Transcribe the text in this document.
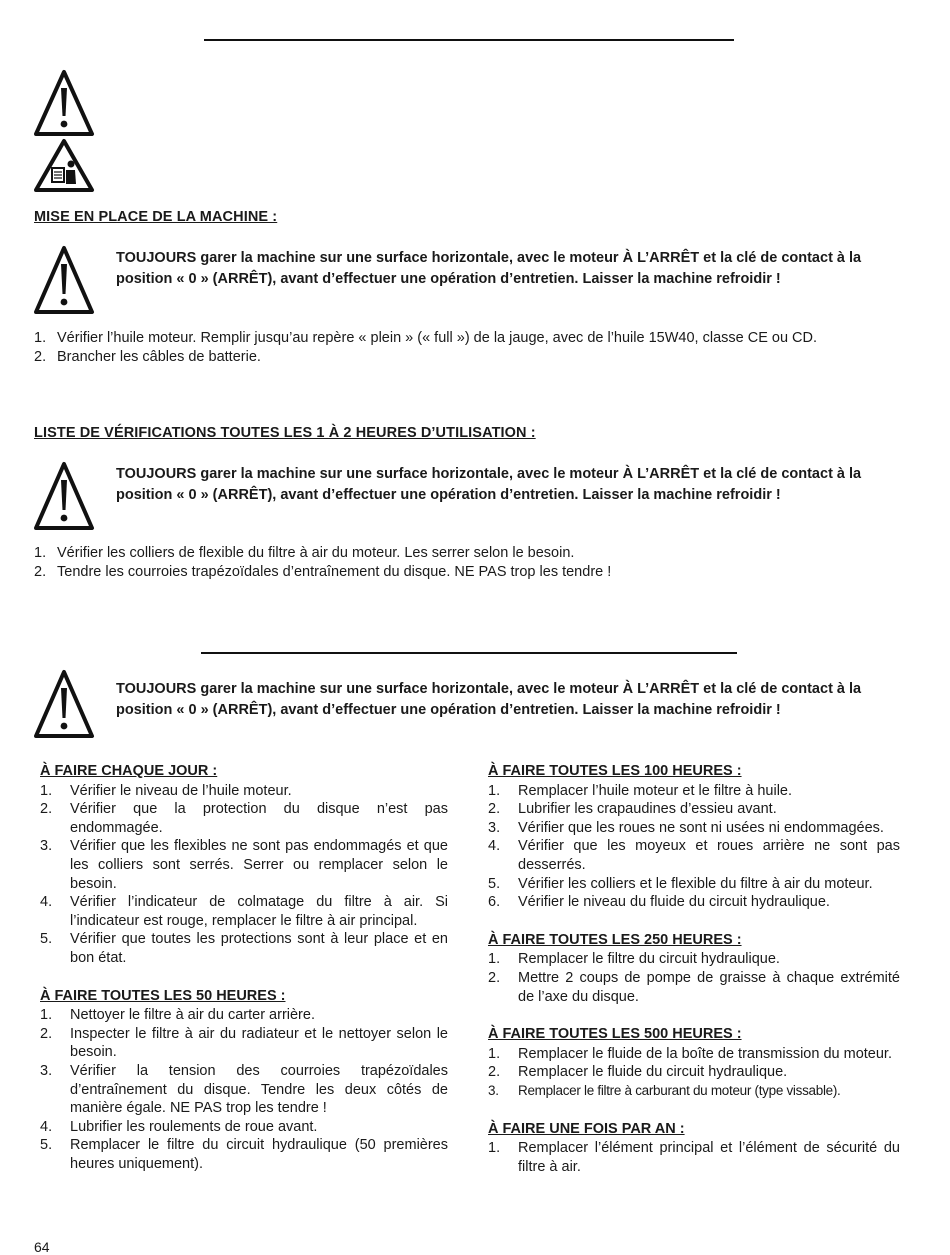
MISE EN PLACE DE LA MACHINE :
TOUJOURS garer la machine sur une surface horizontale, avec le moteur À L’ARRÊT et la clé de contact à la position « 0 » (ARRÊT), avant d’effectuer une opération d’entretien. Laisser la machine refroidir !
1. Vérifier l’huile moteur. Remplir jusqu’au repère « plein » (« full ») de la jauge, avec de l’huile 15W40, classe CE ou CD.
2. Brancher les câbles de batterie.
LISTE DE VÉRIFICATIONS TOUTES LES 1 À 2 HEURES D’UTILISATION :
TOUJOURS garer la machine sur une surface horizontale, avec le moteur À L’ARRÊT et la clé de contact à la position « 0 » (ARRÊT), avant d’effectuer une opération d’entretien. Laisser la machine refroidir !
1. Vérifier les colliers de flexible du filtre à air du moteur. Les serrer selon le besoin.
2. Tendre les courroies trapézoïdales d’entraînement du disque. NE PAS trop les tendre !
TOUJOURS garer la machine sur une surface horizontale, avec le moteur À L’ARRÊT et la clé de contact à la position « 0 » (ARRÊT), avant d’effectuer une opération d’entretien. Laisser la machine refroidir !
À FAIRE CHAQUE JOUR :
1. Vérifier le niveau de l’huile moteur.
2. Vérifier que la protection du disque n’est pas endommagée.
3. Vérifier que les flexibles ne sont pas endommagés et que les colliers sont serrés. Serrer ou remplacer selon le besoin.
4. Vérifier l’indicateur de colmatage du filtre à air. Si l’indicateur est rouge, remplacer le filtre à air principal.
5. Vérifier que toutes les protections sont à leur place et en bon état.
À FAIRE TOUTES LES 50 HEURES :
1. Nettoyer le filtre à air du carter arrière.
2. Inspecter le filtre à air du radiateur et le nettoyer selon le besoin.
3. Vérifier la tension des courroies trapézoïdales d’entraînement du disque. Tendre les deux côtés de manière égale. NE PAS trop les tendre !
4. Lubrifier les roulements de roue avant.
5. Remplacer le filtre du circuit hydraulique (50 premières heures uniquement).
À FAIRE TOUTES LES 100 HEURES :
1. Remplacer l’huile moteur et le filtre à huile.
2. Lubrifier les crapaudines d’essieu avant.
3. Vérifier que les roues ne sont ni usées ni endommagées.
4. Vérifier que les moyeux et roues arrière ne sont pas desserrés.
5. Vérifier les colliers et le flexible du filtre à air du moteur.
6. Vérifier le niveau du fluide du circuit hydraulique.
À FAIRE TOUTES LES 250 HEURES :
1. Remplacer le filtre du circuit hydraulique.
2. Mettre 2 coups de pompe de graisse à chaque extrémité de l’axe du disque.
À FAIRE TOUTES LES 500 HEURES :
1. Remplacer le fluide de la boîte de transmission du moteur.
2. Remplacer le fluide du circuit hydraulique.
3. Remplacer le filtre à carburant du moteur (type vissable).
À FAIRE UNE FOIS PAR AN :
1. Remplacer l’élément principal et l’élément de sécurité du filtre à air.
64
